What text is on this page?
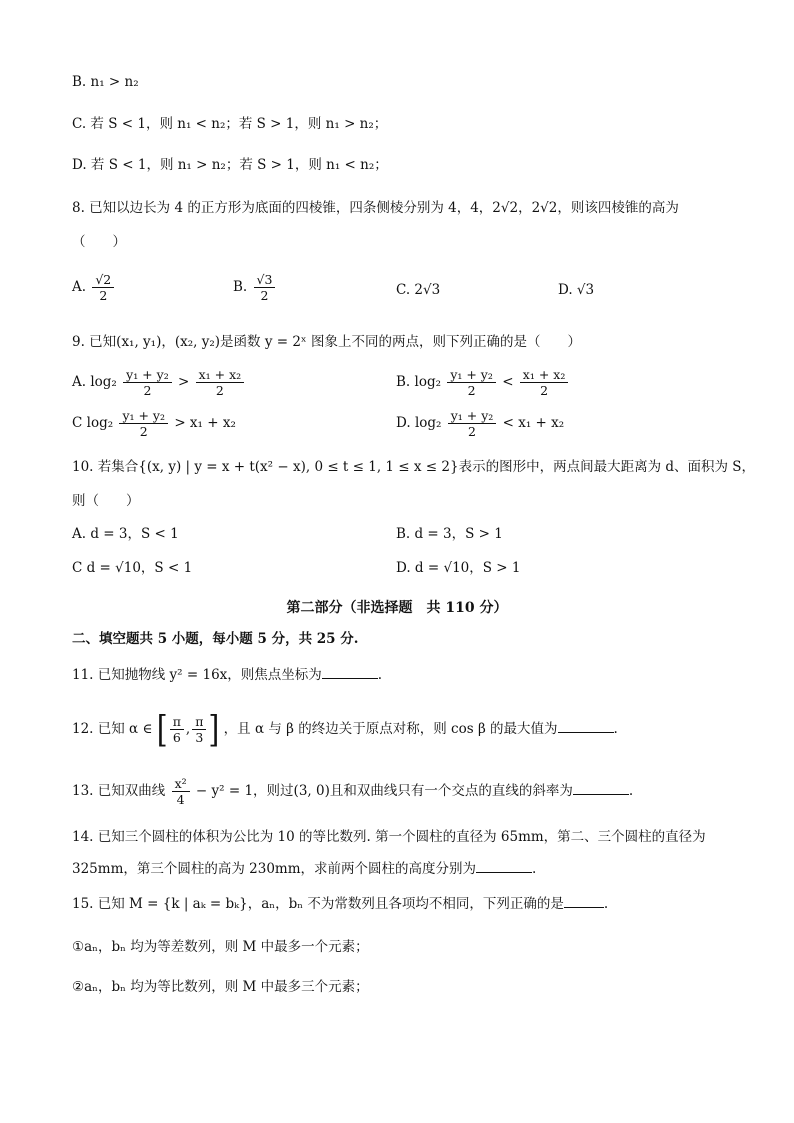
B. n₁ > n₂
C. 若 S < 1，则 n₁ < n₂；若 S > 1，则 n₁ > n₂；
D. 若 S < 1，则 n₁ > n₂；若 S > 1，则 n₁ < n₂；
8. 已知以边长为 4 的正方形为底面的四棱锥，四条侧棱分别为 4，4，2√2，2√2，则该四棱锥的高为
（　　）
A. $\frac{√2}{2}$	B. $\frac{√3}{2}$	C. 2√3	D. √3
9. 已知(x₁, y₁)，(x₂, y₂)是函数 y = 2ˣ 图象上不同的两点，则下列正确的是（　　）
A. $\log_2 \frac{\text{y₁ + y₂}}{2} > \frac{\text{x₁ + x₂}}{2}$	B. $\log_2 \frac{\text{y₁ + y₂}}{2} < \frac{\text{x₁ + x₂}}{2}$
C $\log_2 \frac{\text{y₁ + y₂}}{2} > x_1 + x_2$	D. $\log_2 \frac{\text{y₁ + y₂}}{2} < x_1 + x_2$
10. 若集合{(x, y) | y = x + t(x² − x), 0 ≤ t ≤ 1, 1 ≤ x ≤ 2}表示的图形中，两点间最大距离为 d、面积为 S，
则（　　）
A. d = 3，S < 1	B. d = 3，S > 1
C d = √10，S < 1	D. d = √10，S > 1
第二部分（非选择题　共 110 分）
二、填空题共 5 小题，每小题 5 分，共 25 分.
11. 已知抛物线 y² = 16x，则焦点坐标为	.
12. 已知 α ∈ [ $\frac{\pi}{6}$ , $\frac{\pi}{3}$ ] ，且 α 与 β 的终边关于原点对称，则 cos β 的最大值为	.
13. 已知双曲线 $\frac{\text{x²}}{4} - y^2 = 1$，则过(3, 0)且和双曲线只有一个交点的直线的斜率为	.
14. 已知三个圆柱的体积为公比为 10 的等比数列. 第一个圆柱的直径为 65mm，第二、三个圆柱的直径为
325mm，第三个圆柱的高为 230mm，求前两个圆柱的高度分别为	.
15. 已知 M = {k | aₖ = bₖ}，aₙ，bₙ 不为常数列且各项均不相同，下列正确的是	.
①aₙ，bₙ 均为等差数列，则 M 中最多一个元素；
②aₙ，bₙ 均为等比数列，则 M 中最多三个元素；
